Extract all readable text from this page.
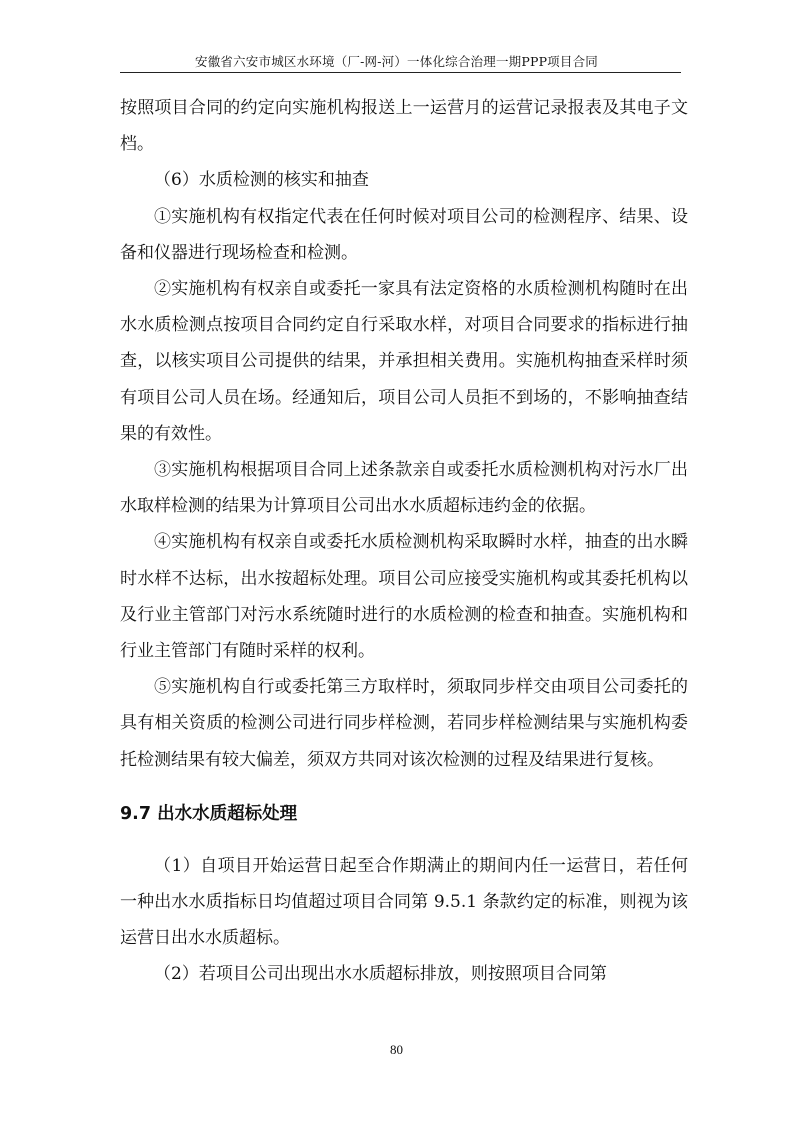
安徽省六安市城区水环境（厂-网-河）一体化综合治理一期PPP项目合同

按照项目合同的约定向实施机构报送上一运营月的运营记录报表及其电子文档。

（6）水质检测的核实和抽查

①实施机构有权指定代表在任何时候对项目公司的检测程序、结果、设备和仪器进行现场检查和检测。

②实施机构有权亲自或委托一家具有法定资格的水质检测机构随时在出水水质检测点按项目合同约定自行采取水样，对项目合同要求的指标进行抽查，以核实项目公司提供的结果，并承担相关费用。实施机构抽查采样时须有项目公司人员在场。经通知后，项目公司人员拒不到场的，不影响抽查结果的有效性。

③实施机构根据项目合同上述条款亲自或委托水质检测机构对污水厂出水取样检测的结果为计算项目公司出水水质超标违约金的依据。

④实施机构有权亲自或委托水质检测机构采取瞬时水样，抽查的出水瞬时水样不达标，出水按超标处理。项目公司应接受实施机构或其委托机构以及行业主管部门对污水系统随时进行的水质检测的检查和抽查。实施机构和行业主管部门有随时采样的权利。

⑤实施机构自行或委托第三方取样时，须取同步样交由项目公司委托的具有相关资质的检测公司进行同步样检测，若同步样检测结果与实施机构委托检测结果有较大偏差，须双方共同对该次检测的过程及结果进行复核。

9.7 出水水质超标处理

（1）自项目开始运营日起至合作期满止的期间内任一运营日，若任何一种出水水质指标日均值超过项目合同第 9.5.1 条款约定的标准，则视为该运营日出水水质超标。

（2）若项目公司出现出水水质超标排放，则按照项目合同第

80
